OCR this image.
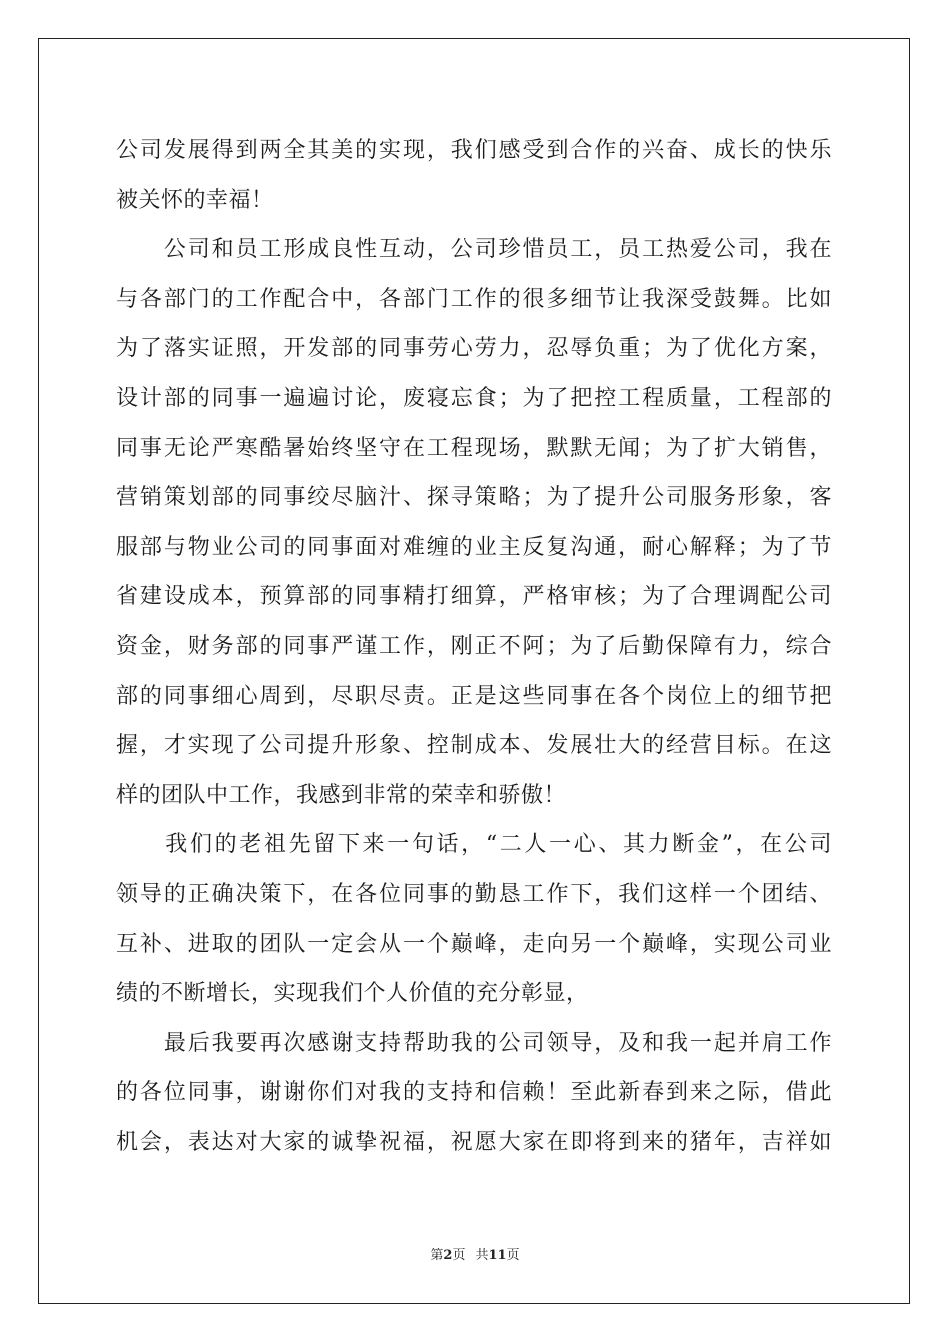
公司发展得到两全其美的实现，我们感受到合作的兴奋、成长的快乐
被关怀的幸福！
　　公司和员工形成良性互动，公司珍惜员工，员工热爱公司，我在
与各部门的工作配合中，各部门工作的很多细节让我深受鼓舞。比如
为了落实证照，开发部的同事劳心劳力，忍辱负重；为了优化方案，
设计部的同事一遍遍讨论，废寝忘食；为了把控工程质量，工程部的
同事无论严寒酷暑始终坚守在工程现场，默默无闻；为了扩大销售，
营销策划部的同事绞尽脑汁、探寻策略；为了提升公司服务形象，客
服部与物业公司的同事面对难缠的业主反复沟通，耐心解释；为了节
省建设成本，预算部的同事精打细算，严格审核；为了合理调配公司
资金，财务部的同事严谨工作，刚正不阿；为了后勤保障有力，综合
部的同事细心周到，尽职尽责。正是这些同事在各个岗位上的细节把
握，才实现了公司提升形象、控制成本、发展壮大的经营目标。在这
样的团队中工作，我感到非常的荣幸和骄傲！
　　我们的老祖先留下来一句话，“二人一心、其力断金”，在公司
领导的正确决策下，在各位同事的勤恳工作下，我们这样一个团结、
互补、进取的团队一定会从一个巅峰，走向另一个巅峰，实现公司业
绩的不断增长，实现我们个人价值的充分彰显，
　　最后我要再次感谢支持帮助我的公司领导，及和我一起并肩工作
的各位同事，谢谢你们对我的支持和信赖！至此新春到来之际，借此
机会，表达对大家的诚挚祝福，祝愿大家在即将到来的猪年，吉祥如
第2页 共11页
